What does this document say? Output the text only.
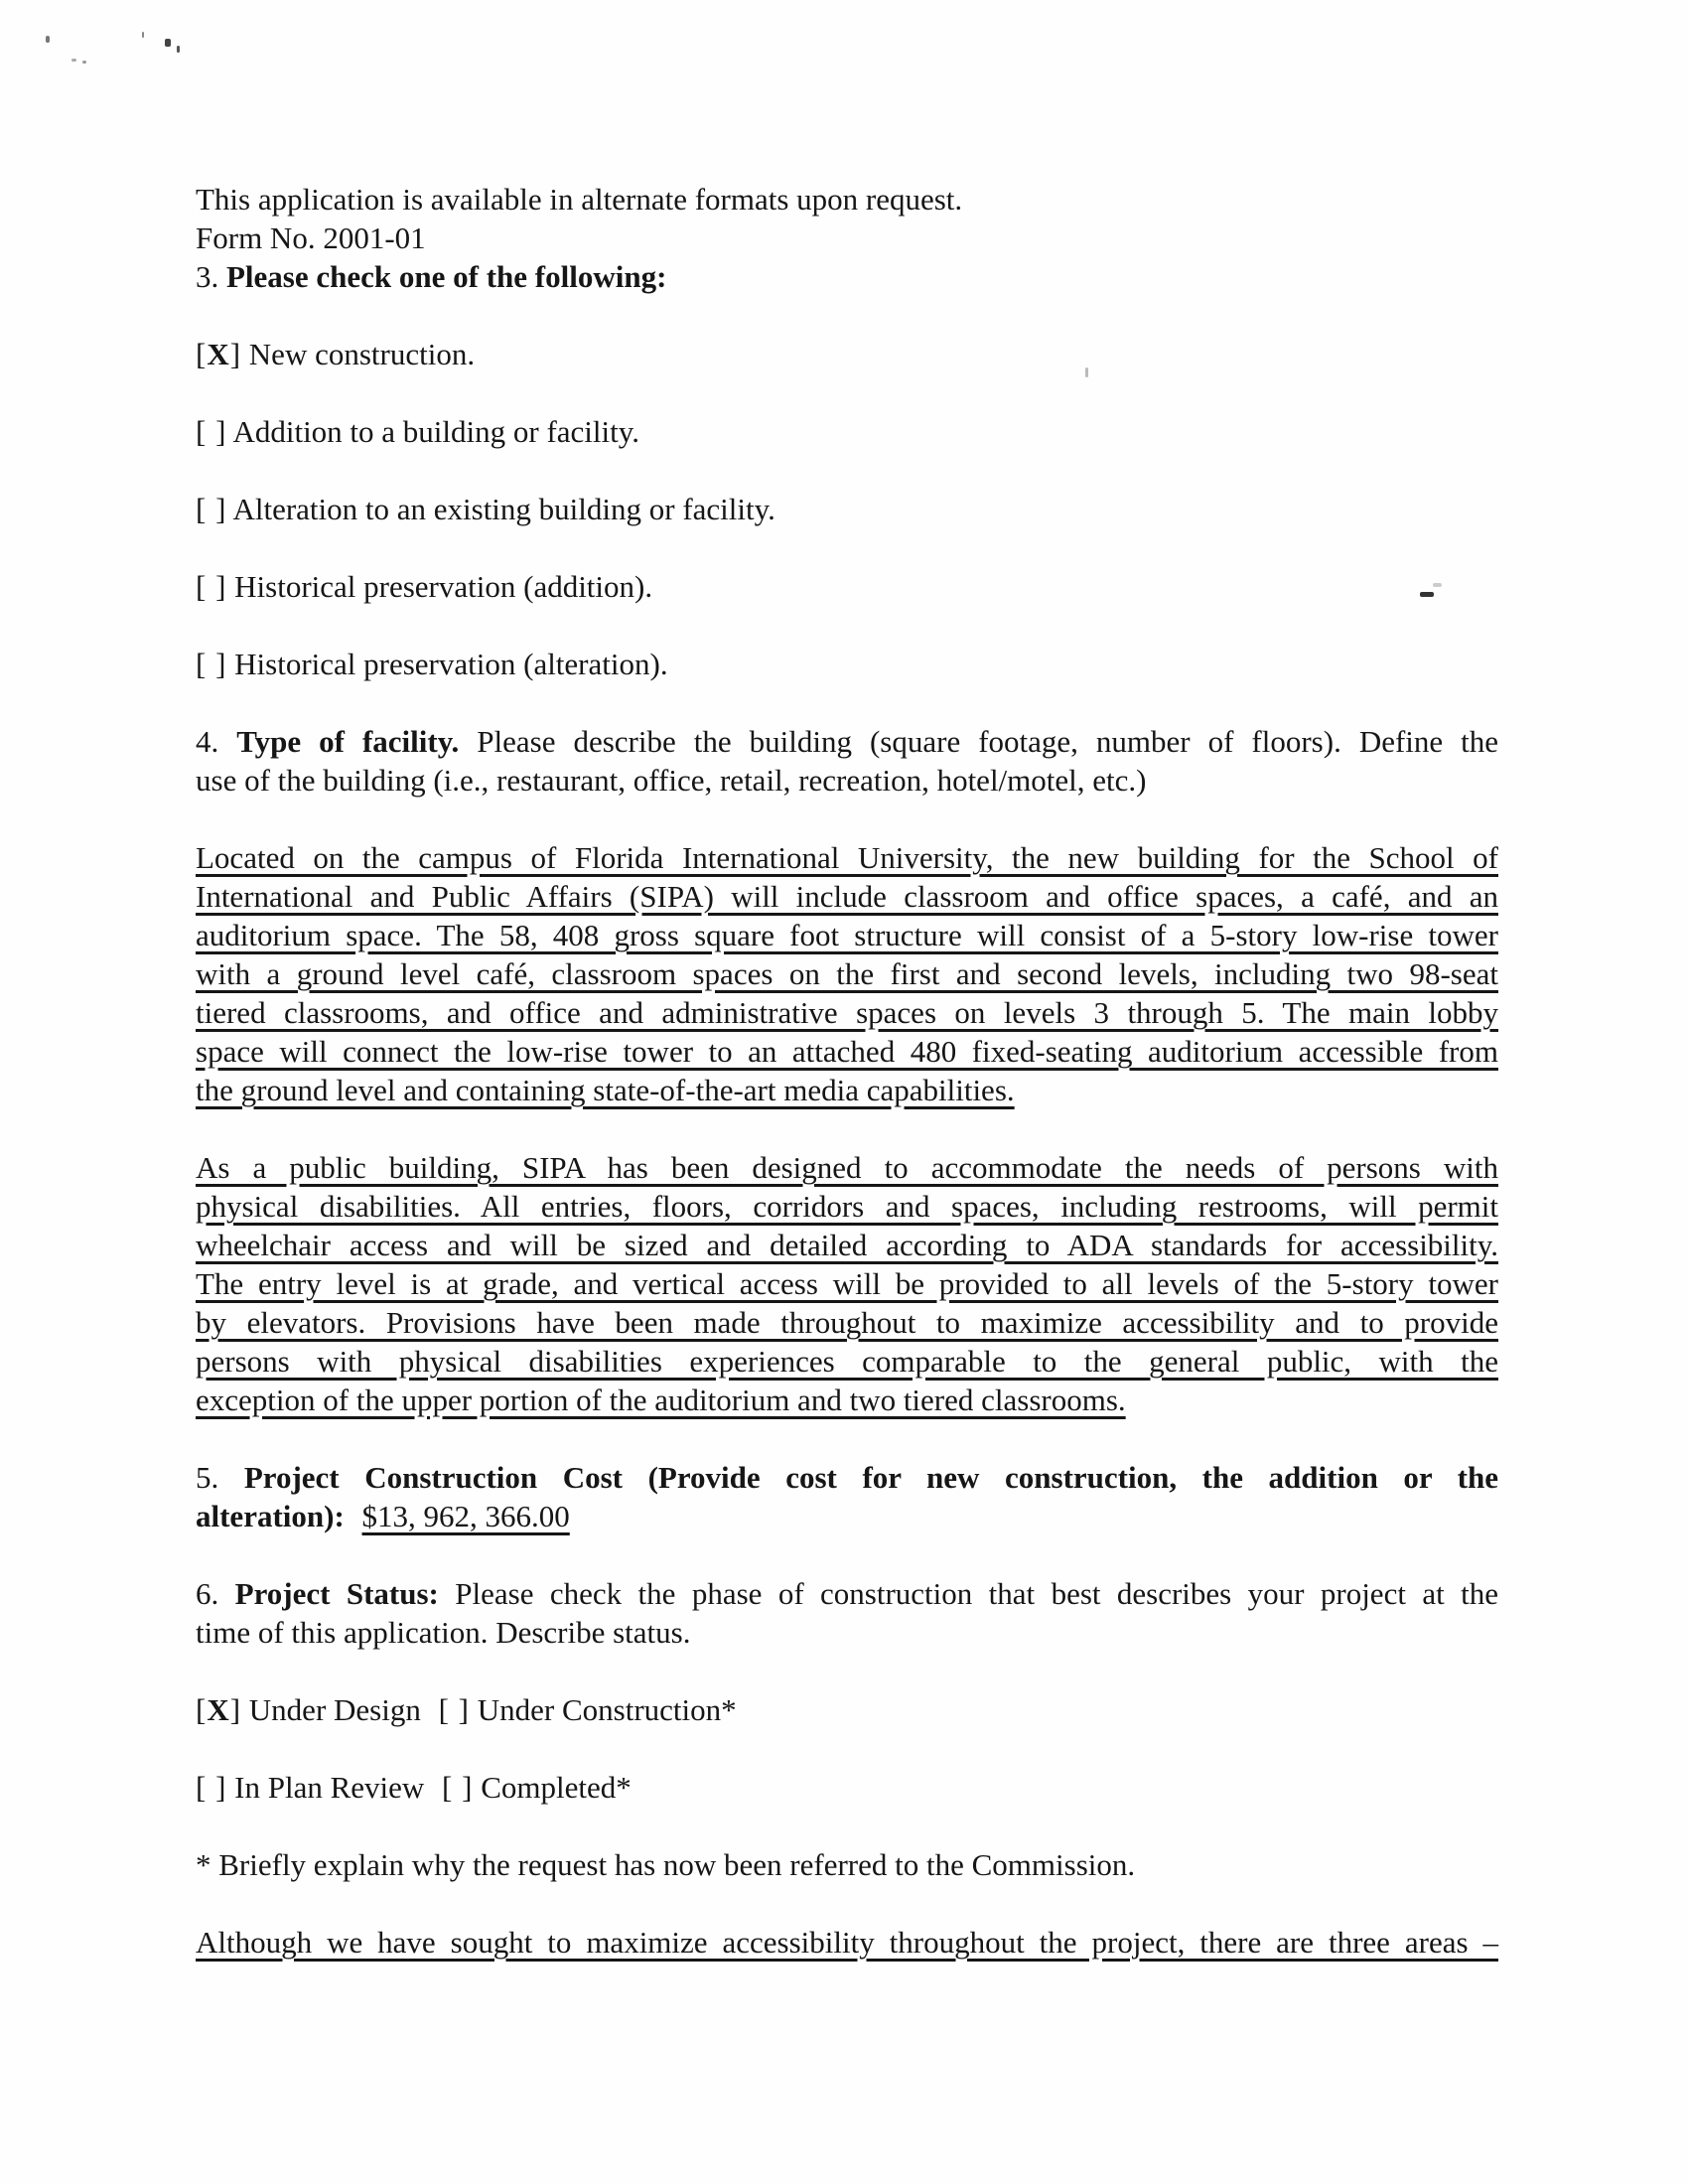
This application is available in alternate formats upon request.
Form No. 2001-01
3. Please check one of the following:
[X] New construction.
[ ] Addition to a building or facility.
[ ] Alteration to an existing building or facility.
[ ] Historical preservation (addition).
[ ] Historical preservation (alteration).
4. Type of facility. Please describe the building (square footage, number of floors). Define the
use of the building (i.e., restaurant, office, retail, recreation, hotel/motel, etc.)
Located on the campus of Florida International University, the new building for the School of
International and Public Affairs (SIPA) will include classroom and office spaces, a café, and an
auditorium space. The 58, 408 gross square foot structure will consist of a 5-story low-rise tower
with a ground level café, classroom spaces on the first and second levels, including two 98-seat
tiered classrooms, and office and administrative spaces on levels 3 through 5. The main lobby
space will connect the low-rise tower to an attached 480 fixed-seating auditorium accessible from
the ground level and containing state-of-the-art media capabilities.
As a public building, SIPA has been designed to accommodate the needs of persons with
physical disabilities. All entries, floors, corridors and spaces, including restrooms, will permit
wheelchair access and will be sized and detailed according to ADA standards for accessibility.
The entry level is at grade, and vertical access will be provided to all levels of the 5-story tower
by elevators. Provisions have been made throughout to maximize accessibility and to provide
persons with physical disabilities experiences comparable to the general public, with the
exception of the upper portion of the auditorium and two tiered classrooms.
5. Project Construction Cost (Provide cost for new construction, the addition or the
alteration): $13, 962, 366.00
6. Project Status: Please check the phase of construction that best describes your project at the
time of this application. Describe status.
[X] Under Design [ ] Under Construction*
[ ] In Plan Review [ ] Completed*
* Briefly explain why the request has now been referred to the Commission.
Although we have sought to maximize accessibility throughout the project, there are three areas –
